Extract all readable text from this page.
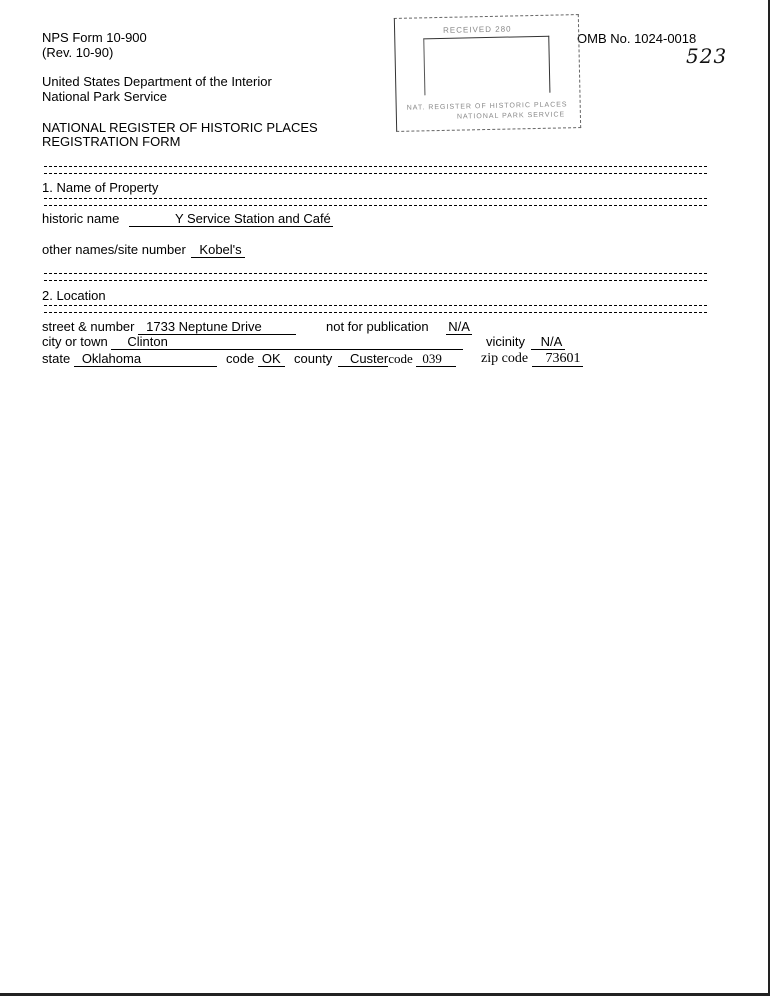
NPS Form 10-900
(Rev. 10-90)
OMB No. 1024-0018
523
United States Department of the Interior
National Park Service
NATIONAL REGISTER OF HISTORIC PLACES
REGISTRATION FORM
RECEIVED 280
NAT. REGISTER OF HISTORIC PLACES
NATIONAL PARK SERVICE
1. Name of Property
historic name	Y Service Station and Café
other names/site number Kobel's
2. Location
street & number 1733 Neptune Drive	not for publication N/A
city or town Clinton	vicinity N/A
state Oklahoma	code OK	county Custercode 039	zip code 73601
